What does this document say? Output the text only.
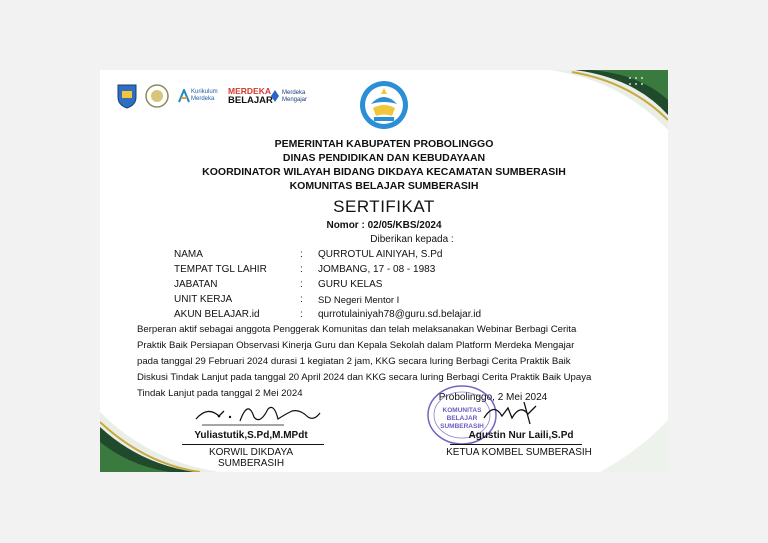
Kurikulum
Merdeka
MERDEKA
BELAJAR
Merdeka
Mengajar
PEMERINTAH KABUPATEN PROBOLINGGO
DINAS PENDIDIKAN DAN KEBUDAYAAN
KOORDINATOR WILAYAH BIDANG DIKDAYA KECAMATAN SUMBERASIH
KOMUNITAS BELAJAR SUMBERASIH
SERTIFIKAT
Nomor : 02/05/KBS/2024
Diberikan kepada :
NAMA	: QURROTUL AINIYAH, S.Pd
TEMPAT TGL LAHIR	: JOMBANG, 17 - 08 - 1983
JABATAN	: GURU KELAS
UNIT KERJA	: SD Negeri Mentor I
AKUN BELAJAR.id	: qurrotulainiyah78@guru.sd.belajar.id
Berperan aktif sebagai anggota Penggerak Komunitas dan telah melaksanakan Webinar Berbagi Cerita
Praktik Baik Persiapan Observasi Kinerja Guru dan Kepala Sekolah dalam Platform Merdeka Mengajar
pada tanggal 29 Februari 2024 durasi 1 kegiatan 2 jam, KKG secara luring Berbagi Cerita Praktik Baik
Diskusi Tindak Lanjut pada tanggal 20 April 2024 dan KKG secara luring Berbagi Cerita Praktik Baik Upaya
Tindak Lanjut pada tanggal 2 Mei 2024
Yuliastutik,S.Pd,M.MPdt
KORWIL DIKDAYA SUMBERASIH
Probolinggo, 2 Mei 2024
KOMUNITAS
BELAJAR
SUMBERASIH
Agustin Nur Laili,S.Pd
KETUA KOMBEL SUMBERASIH
